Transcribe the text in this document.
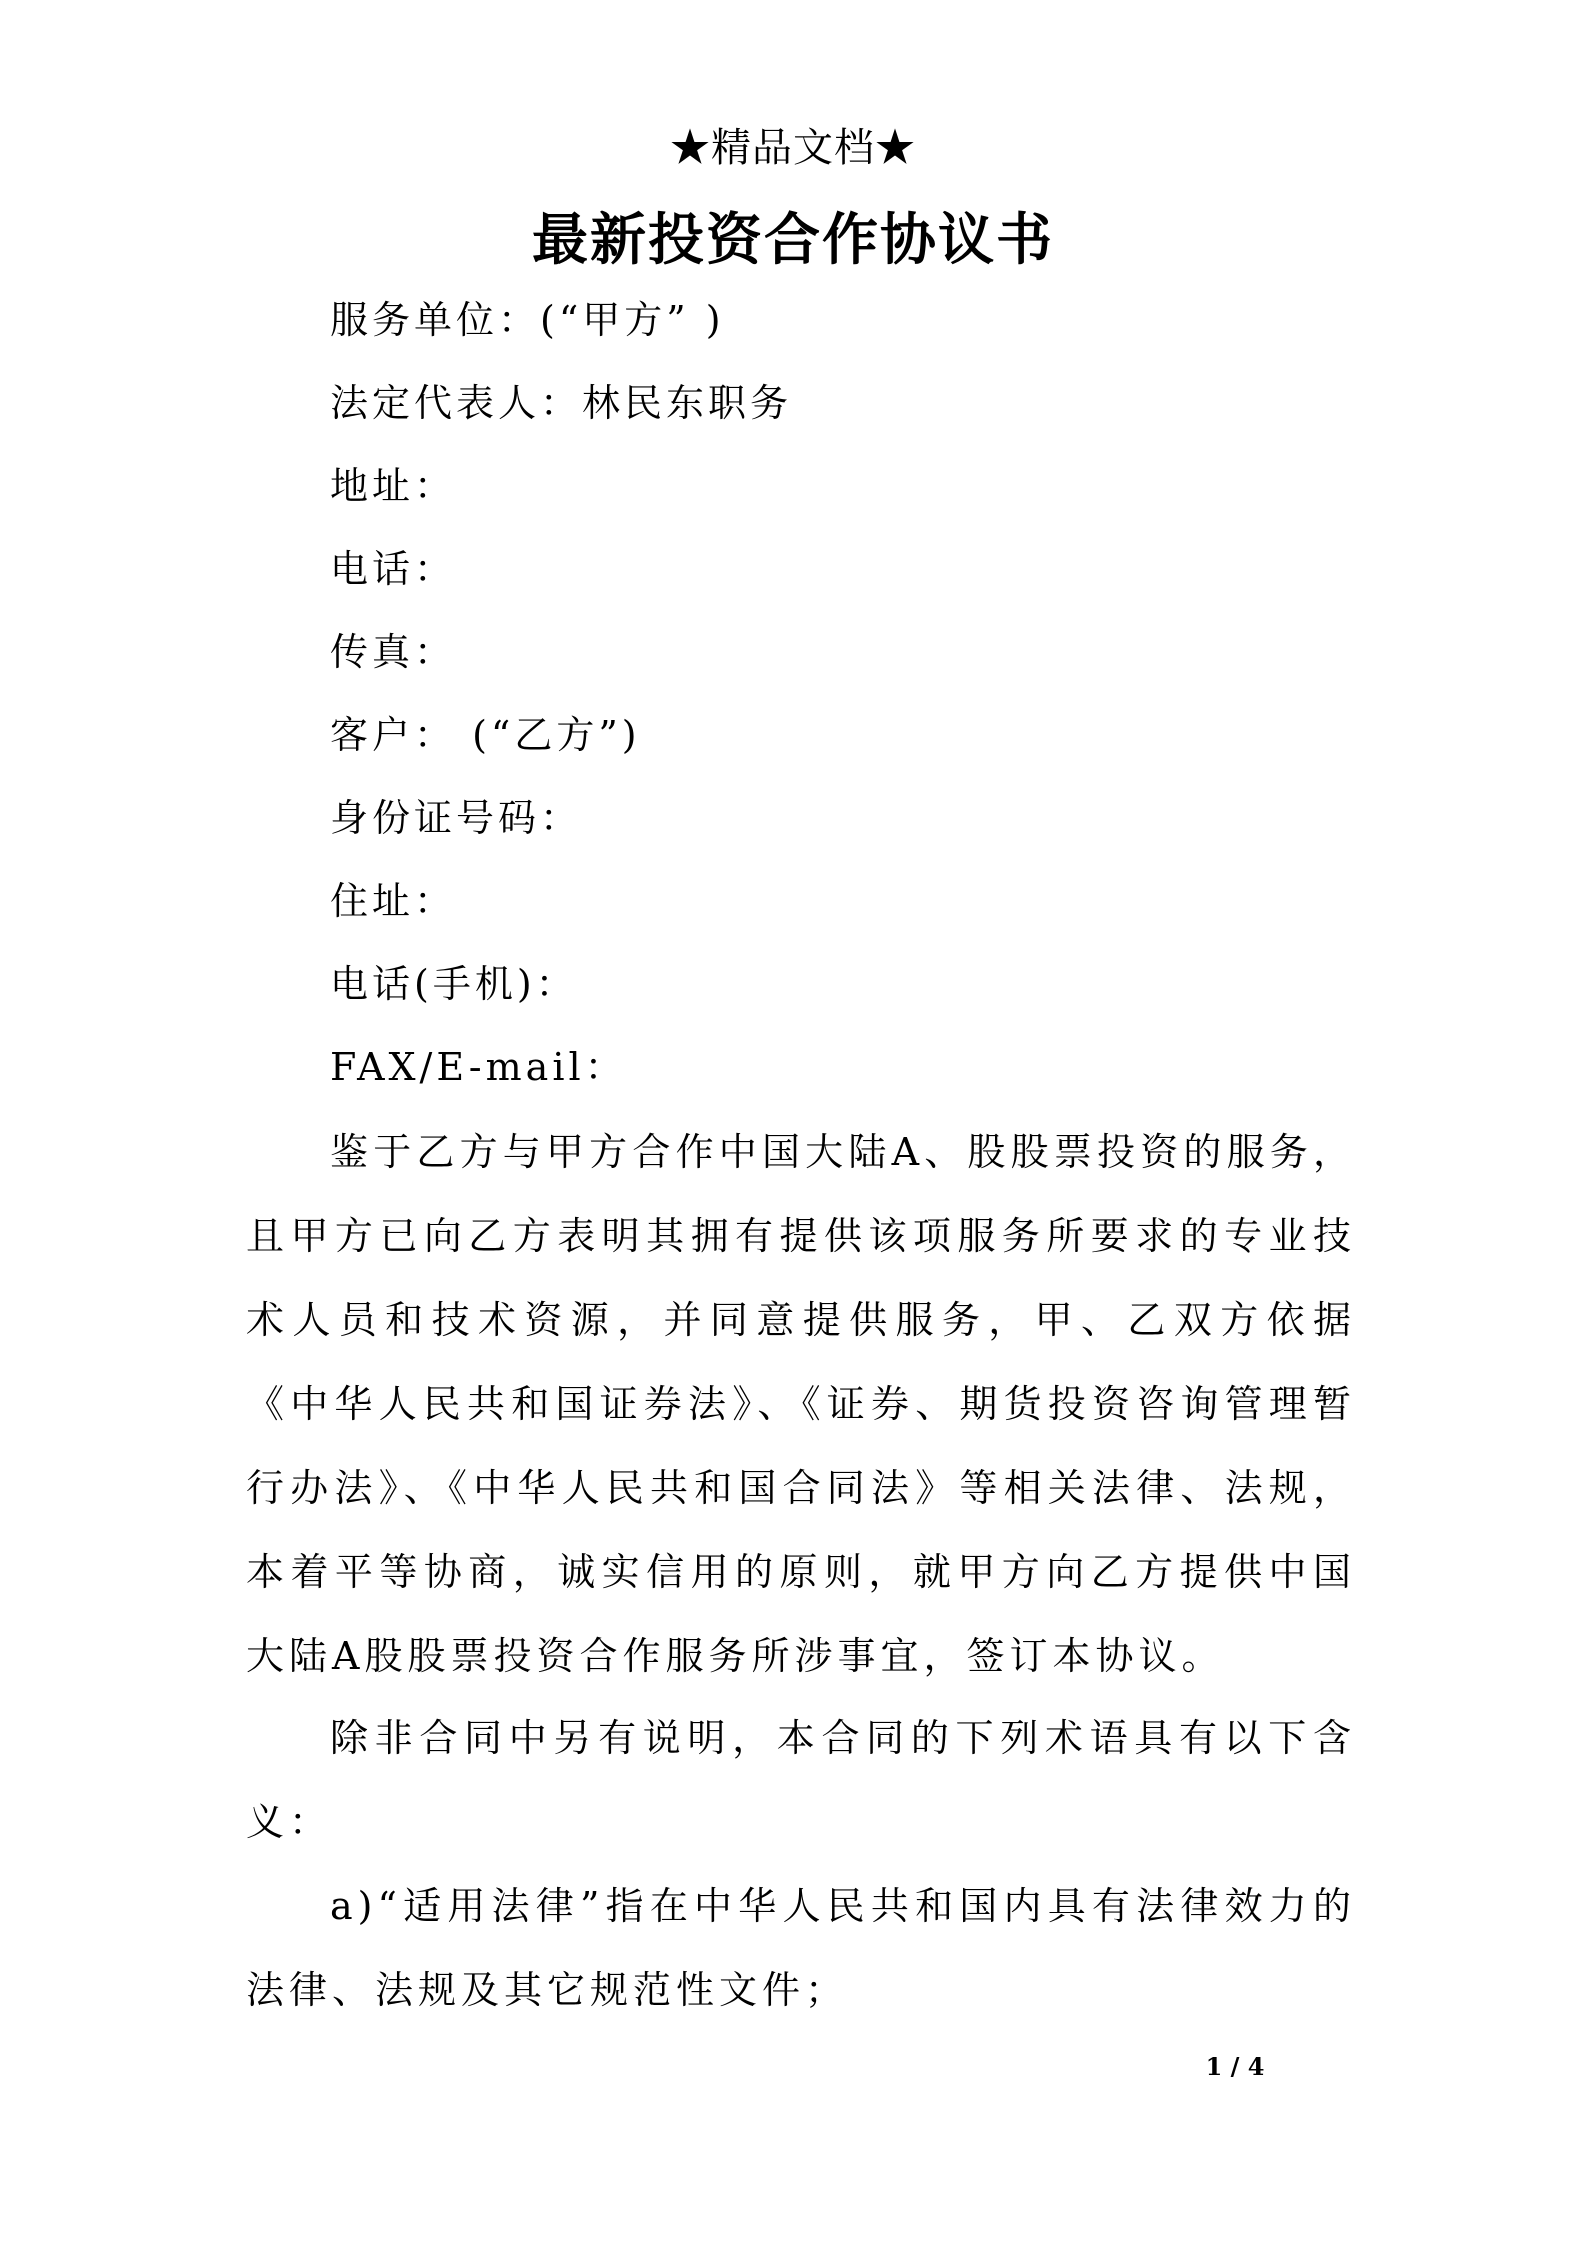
★精品文档★
最新投资合作协议书
服务单位：(“甲方” )
法定代表人：林民东职务
地址：
电话：
传真：
客户： (“乙方”)
身份证号码：
住址：
电话(手机)：
FAX/E-mail：
鉴于乙方与甲方合作中国大陆A、股股票投资的服务，且甲方已向乙方表明其拥有提供该项服务所要求的专业技术人员和技术资源，并同意提供服务，甲、乙双方依据《中华人民共和国证券法》、《证券、期货投资咨询管理暂行办法》、《中华人民共和国合同法》等相关法律、法规，本着平等协商，诚实信用的原则，就甲方向乙方提供中国大陆A股股票投资合作服务所涉事宜，签订本协议。
除非合同中另有说明，本合同的下列术语具有以下含义：
a)“适用法律”指在中华人民共和国内具有法律效力的法律、法规及其它规范性文件；
1 / 4
